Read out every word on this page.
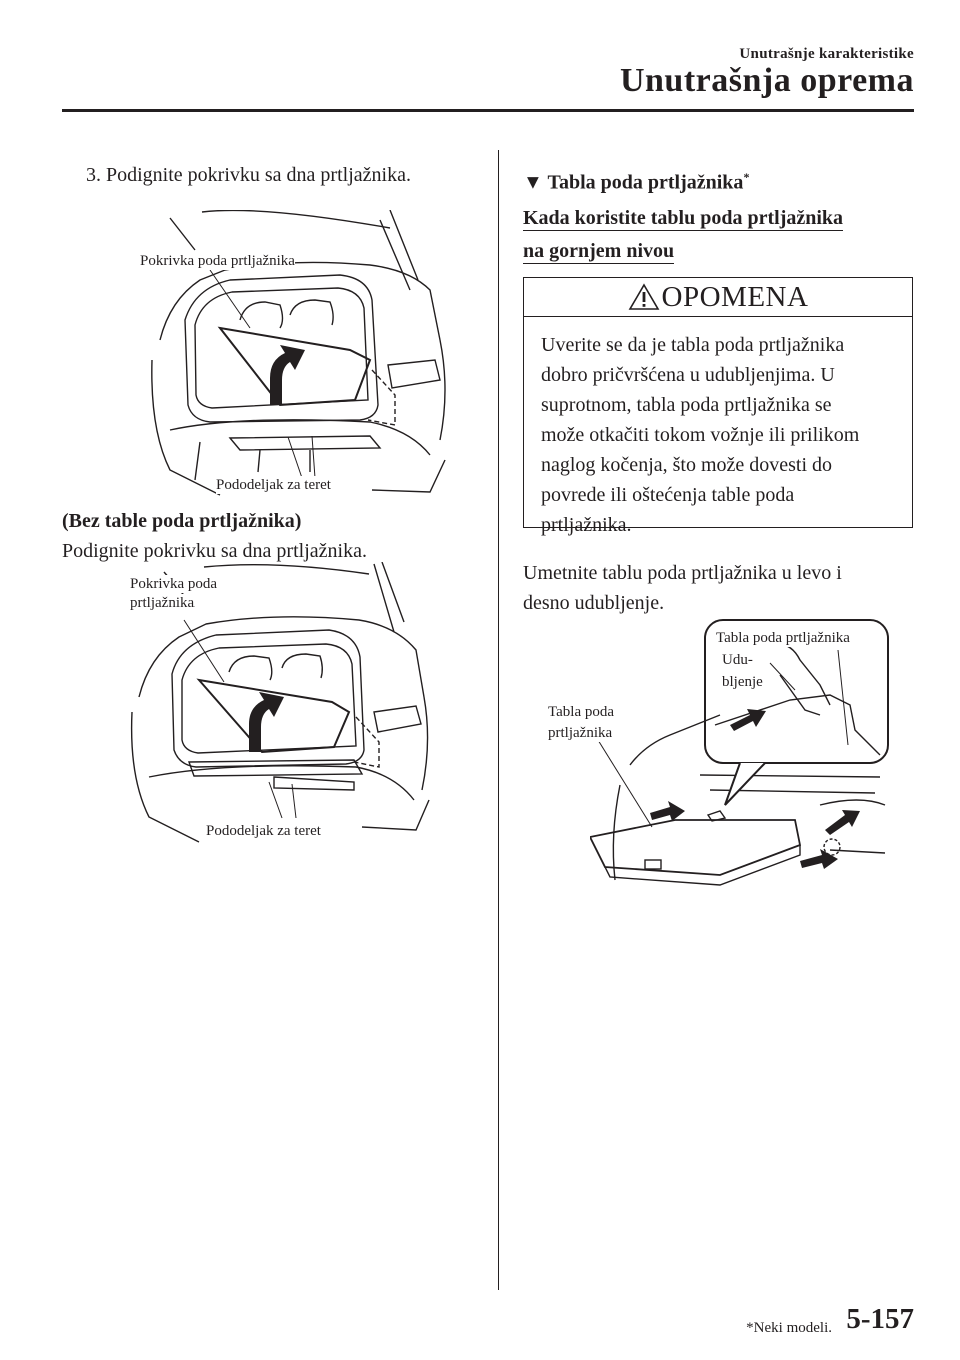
Unutrašnje karakteristike
Unutrašnja oprema
3. Podignite pokrivku sa dna prtljažnika.
Pokrivka poda prtljažnika
Pododeljak za teret
(Bez table poda prtljažnika)
Podignite pokrivku sa dna prtljažnika.
Pokrivka poda
prtljažnika
Pododeljak za teret
▼ Tabla poda prtljažnika*
Kada koristite tablu poda prtljažnika
na gornjem nivou
OPOMENA
Uverite se da je tabla poda prtljažnika
dobro pričvršćena u udubljenjima. U
suprotnom, tabla poda prtljažnika se
može otkačiti tokom vožnje ili prilikom
naglog kočenja, što može dovesti do
povrede ili oštećenja table poda
prtljažnika.
Umetnite tablu poda prtljažnika u levo i
desno udubljenje.
Tabla poda prtljažnika
Udu-
bljenje
Tabla poda
prtljažnika
*Neki modeli. 5-157
